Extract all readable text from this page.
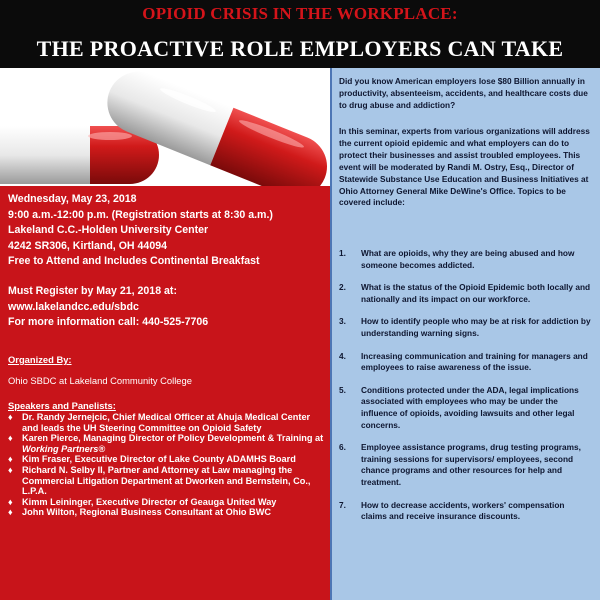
OPIOID CRISIS IN THE WORKPLACE:
THE PROACTIVE ROLE EMPLOYERS CAN TAKE
Wednesday, May 23, 2018
9:00 a.m.-12:00 p.m. (Registration starts at 8:30 a.m.)
Lakeland C.C.-Holden University Center
4242 SR306, Kirtland, OH 44094
Free to Attend and Includes Continental Breakfast
Must Register by May 21, 2018 at:
www.lakelandcc.edu/sbdc
For more information call: 440-525-7706
Organized By:
Ohio SBDC at Lakeland Community College
Speakers and Panelists:
♦ Dr. Randy Jernejcic, Chief Medical Officer at Ahuja Medical Center and leads the UH Steering Committee on Opioid Safety
♦ Karen Pierce, Managing Director of Policy Development & Training at Working Partners®
♦ Kim Fraser, Executive Director of Lake County ADAMHS Board
♦ Richard N. Selby II, Partner and Attorney at Law managing the Commercial Litigation Department at Dworken and Bernstein, Co., L.P.A.
♦ Kimm Leininger, Executive Director of Geauga United Way
♦ John Wilton, Regional Business Consultant at Ohio BWC
Did you know American employers lose $80 Billion annually in productivity, absenteeism, accidents, and healthcare costs due to drug abuse and addiction?
In this seminar, experts from various organizations will address the current opioid epidemic and what employers can do to protect their businesses and assist troubled employees. This event will be moderated by Randi M. Ostry, Esq., Director of Statewide Substance Use Education and Business Initiatives at Ohio Attorney General Mike DeWine's Office. Topics to be covered include:
1. What are opioids, why they are being abused and how someone becomes addicted.
2. What is the status of the Opioid Epidemic both locally and nationally and its impact on our workforce.
3. How to identify people who may be at risk for addiction by understanding warning signs.
4. Increasing communication and training for managers and employees to raise awareness of the issue.
5. Conditions protected under the ADA, legal implications associated with employees who may be under the influence of opioids, avoiding lawsuits and other legal concerns.
6. Employee assistance programs, drug testing programs, training sessions for supervisors/ employees, second chance programs and other resources for help and treatment.
7. How to decrease accidents, workers' compensation claims and receive insurance discounts.
